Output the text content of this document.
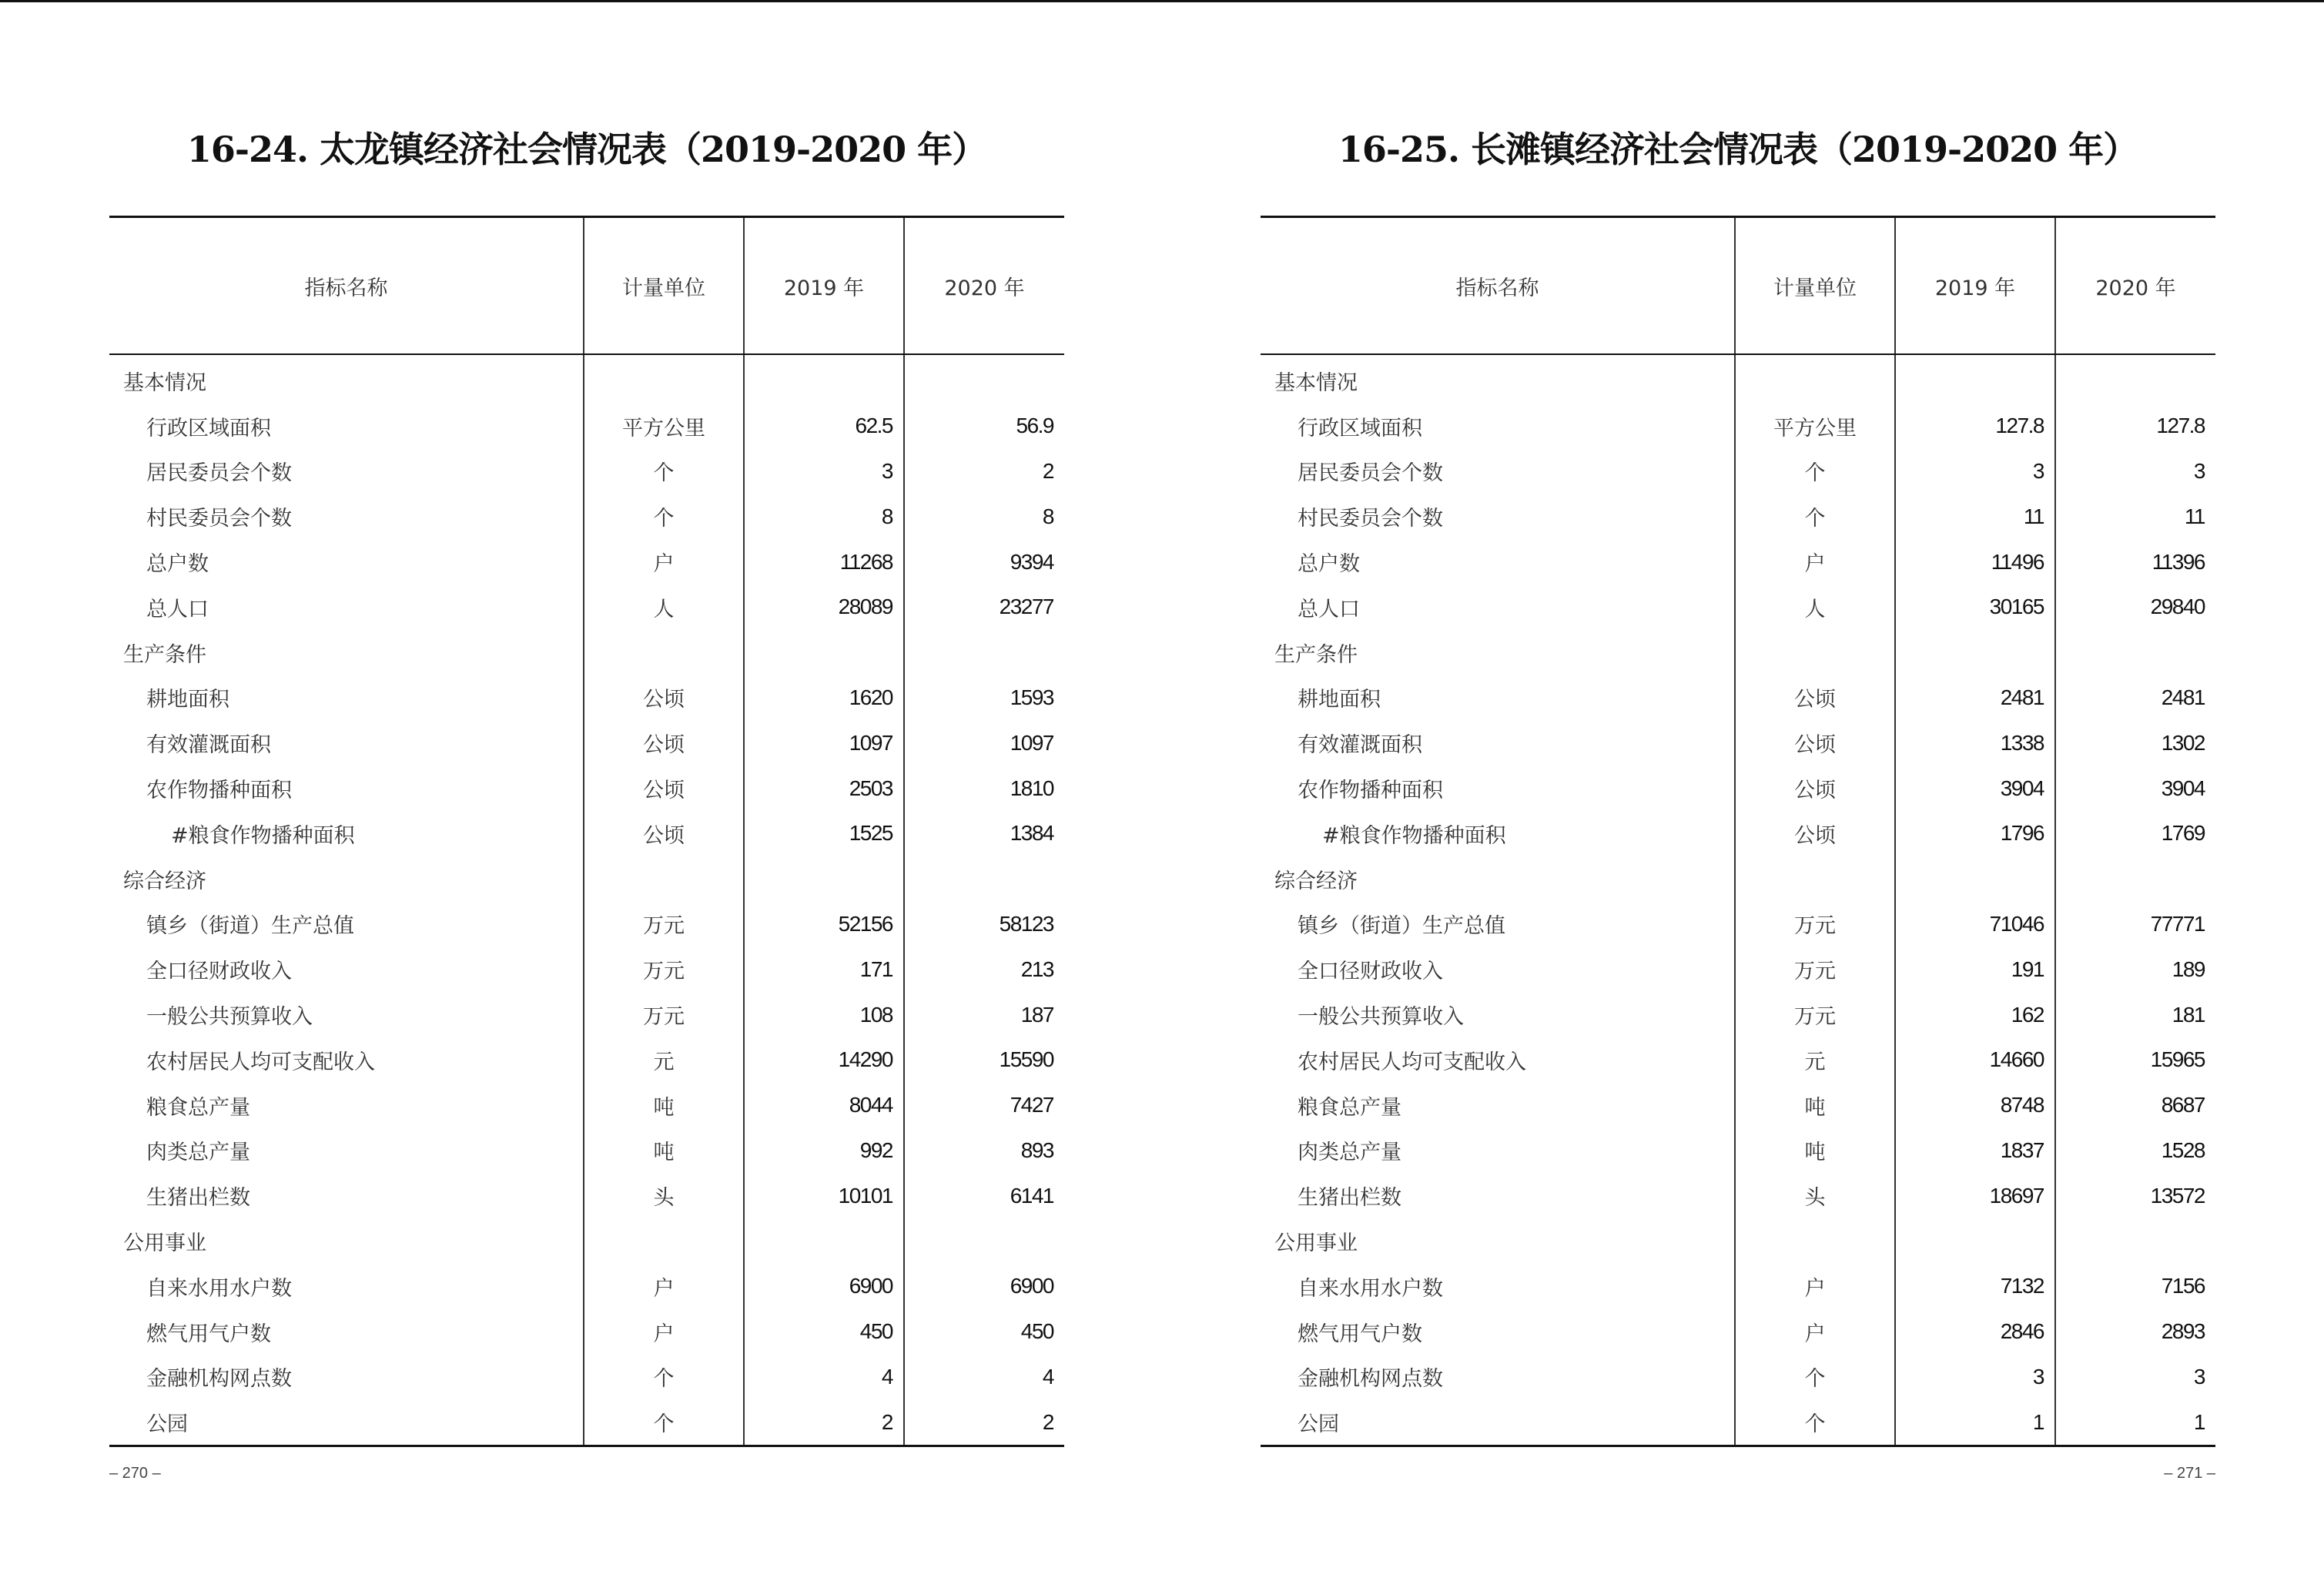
16-24. 太龙镇经济社会情况表（2019-2020 年）
指标名称	计量单位	2019 年	2020 年
基本情况			
行政区域面积	平方公里	62.5	56.9
居民委员会个数	个	3	2
村民委员会个数	个	8	8
总户数	户	11268	9394
总人口	人	28089	23277
生产条件			
耕地面积	公顷	1620	1593
有效灌溉面积	公顷	1097	1097
农作物播种面积	公顷	2503	1810
#粮食作物播种面积	公顷	1525	1384
综合经济			
镇乡（街道）生产总值	万元	52156	58123
全口径财政收入	万元	171	213
一般公共预算收入	万元	108	187
农村居民人均可支配收入	元	14290	15590
粮食总产量	吨	8044	7427
肉类总产量	吨	992	893
生猪出栏数	头	10101	6141
公用事业			
自来水用水户数	户	6900	6900
燃气用气户数	户	450	450
金融机构网点数	个	4	4
公园	个	2	2
– 270 –
16-25. 长滩镇经济社会情况表（2019-2020 年）
指标名称	计量单位	2019 年	2020 年
基本情况			
行政区域面积	平方公里	127.8	127.8
居民委员会个数	个	3	3
村民委员会个数	个	11	11
总户数	户	11496	11396
总人口	人	30165	29840
生产条件			
耕地面积	公顷	2481	2481
有效灌溉面积	公顷	1338	1302
农作物播种面积	公顷	3904	3904
#粮食作物播种面积	公顷	1796	1769
综合经济			
镇乡（街道）生产总值	万元	71046	77771
全口径财政收入	万元	191	189
一般公共预算收入	万元	162	181
农村居民人均可支配收入	元	14660	15965
粮食总产量	吨	8748	8687
肉类总产量	吨	1837	1528
生猪出栏数	头	18697	13572
公用事业			
自来水用水户数	户	7132	7156
燃气用气户数	户	2846	2893
金融机构网点数	个	3	3
公园	个	1	1
– 271 –
